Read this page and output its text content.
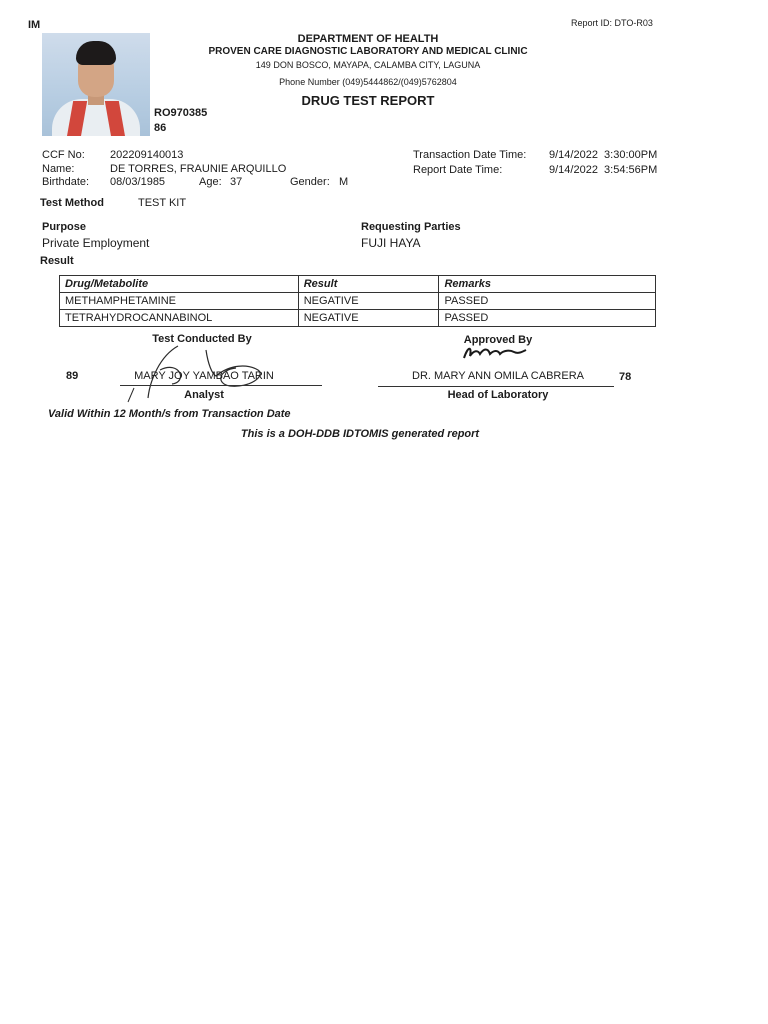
IM	Report ID: DTO-R03
RO970385
86
DEPARTMENT OF HEALTH
PROVEN CARE DIAGNOSTIC LABORATORY AND MEDICAL CLINIC
149 DON BOSCO, MAYAPA, CALAMBA CITY, LAGUNA
Phone Number (049)5444862/(049)5762804
DRUG TEST REPORT
CCF No: 202209140013
Name:	DE TORRES, FRAUNIE ARQUILLO
Birthdate: 08/03/1985	Age: 37	Gender: M
Transaction Date Time: 9/14/2022  3:30:00PM
Report Date Time:	9/14/2022  3:54:56PM
Test Method	TEST KIT
Purpose
Private Employment
Requesting Parties
FUJI HAYA
Result
Drug/Metabolite	Result	Remarks
METHAMPHETAMINE	NEGATIVE	PASSED
TETRAHYDROCANNABINOL	NEGATIVE	PASSED
Test Conducted By	Approved By
89	MARY JOY YAMBAO TARIN
Analyst
DR. MARY ANN OMILA CABRERA	78
Head of Laboratory
Valid Within 12 Month/s from Transaction Date
This is a DOH-DDB IDTOMIS generated report
